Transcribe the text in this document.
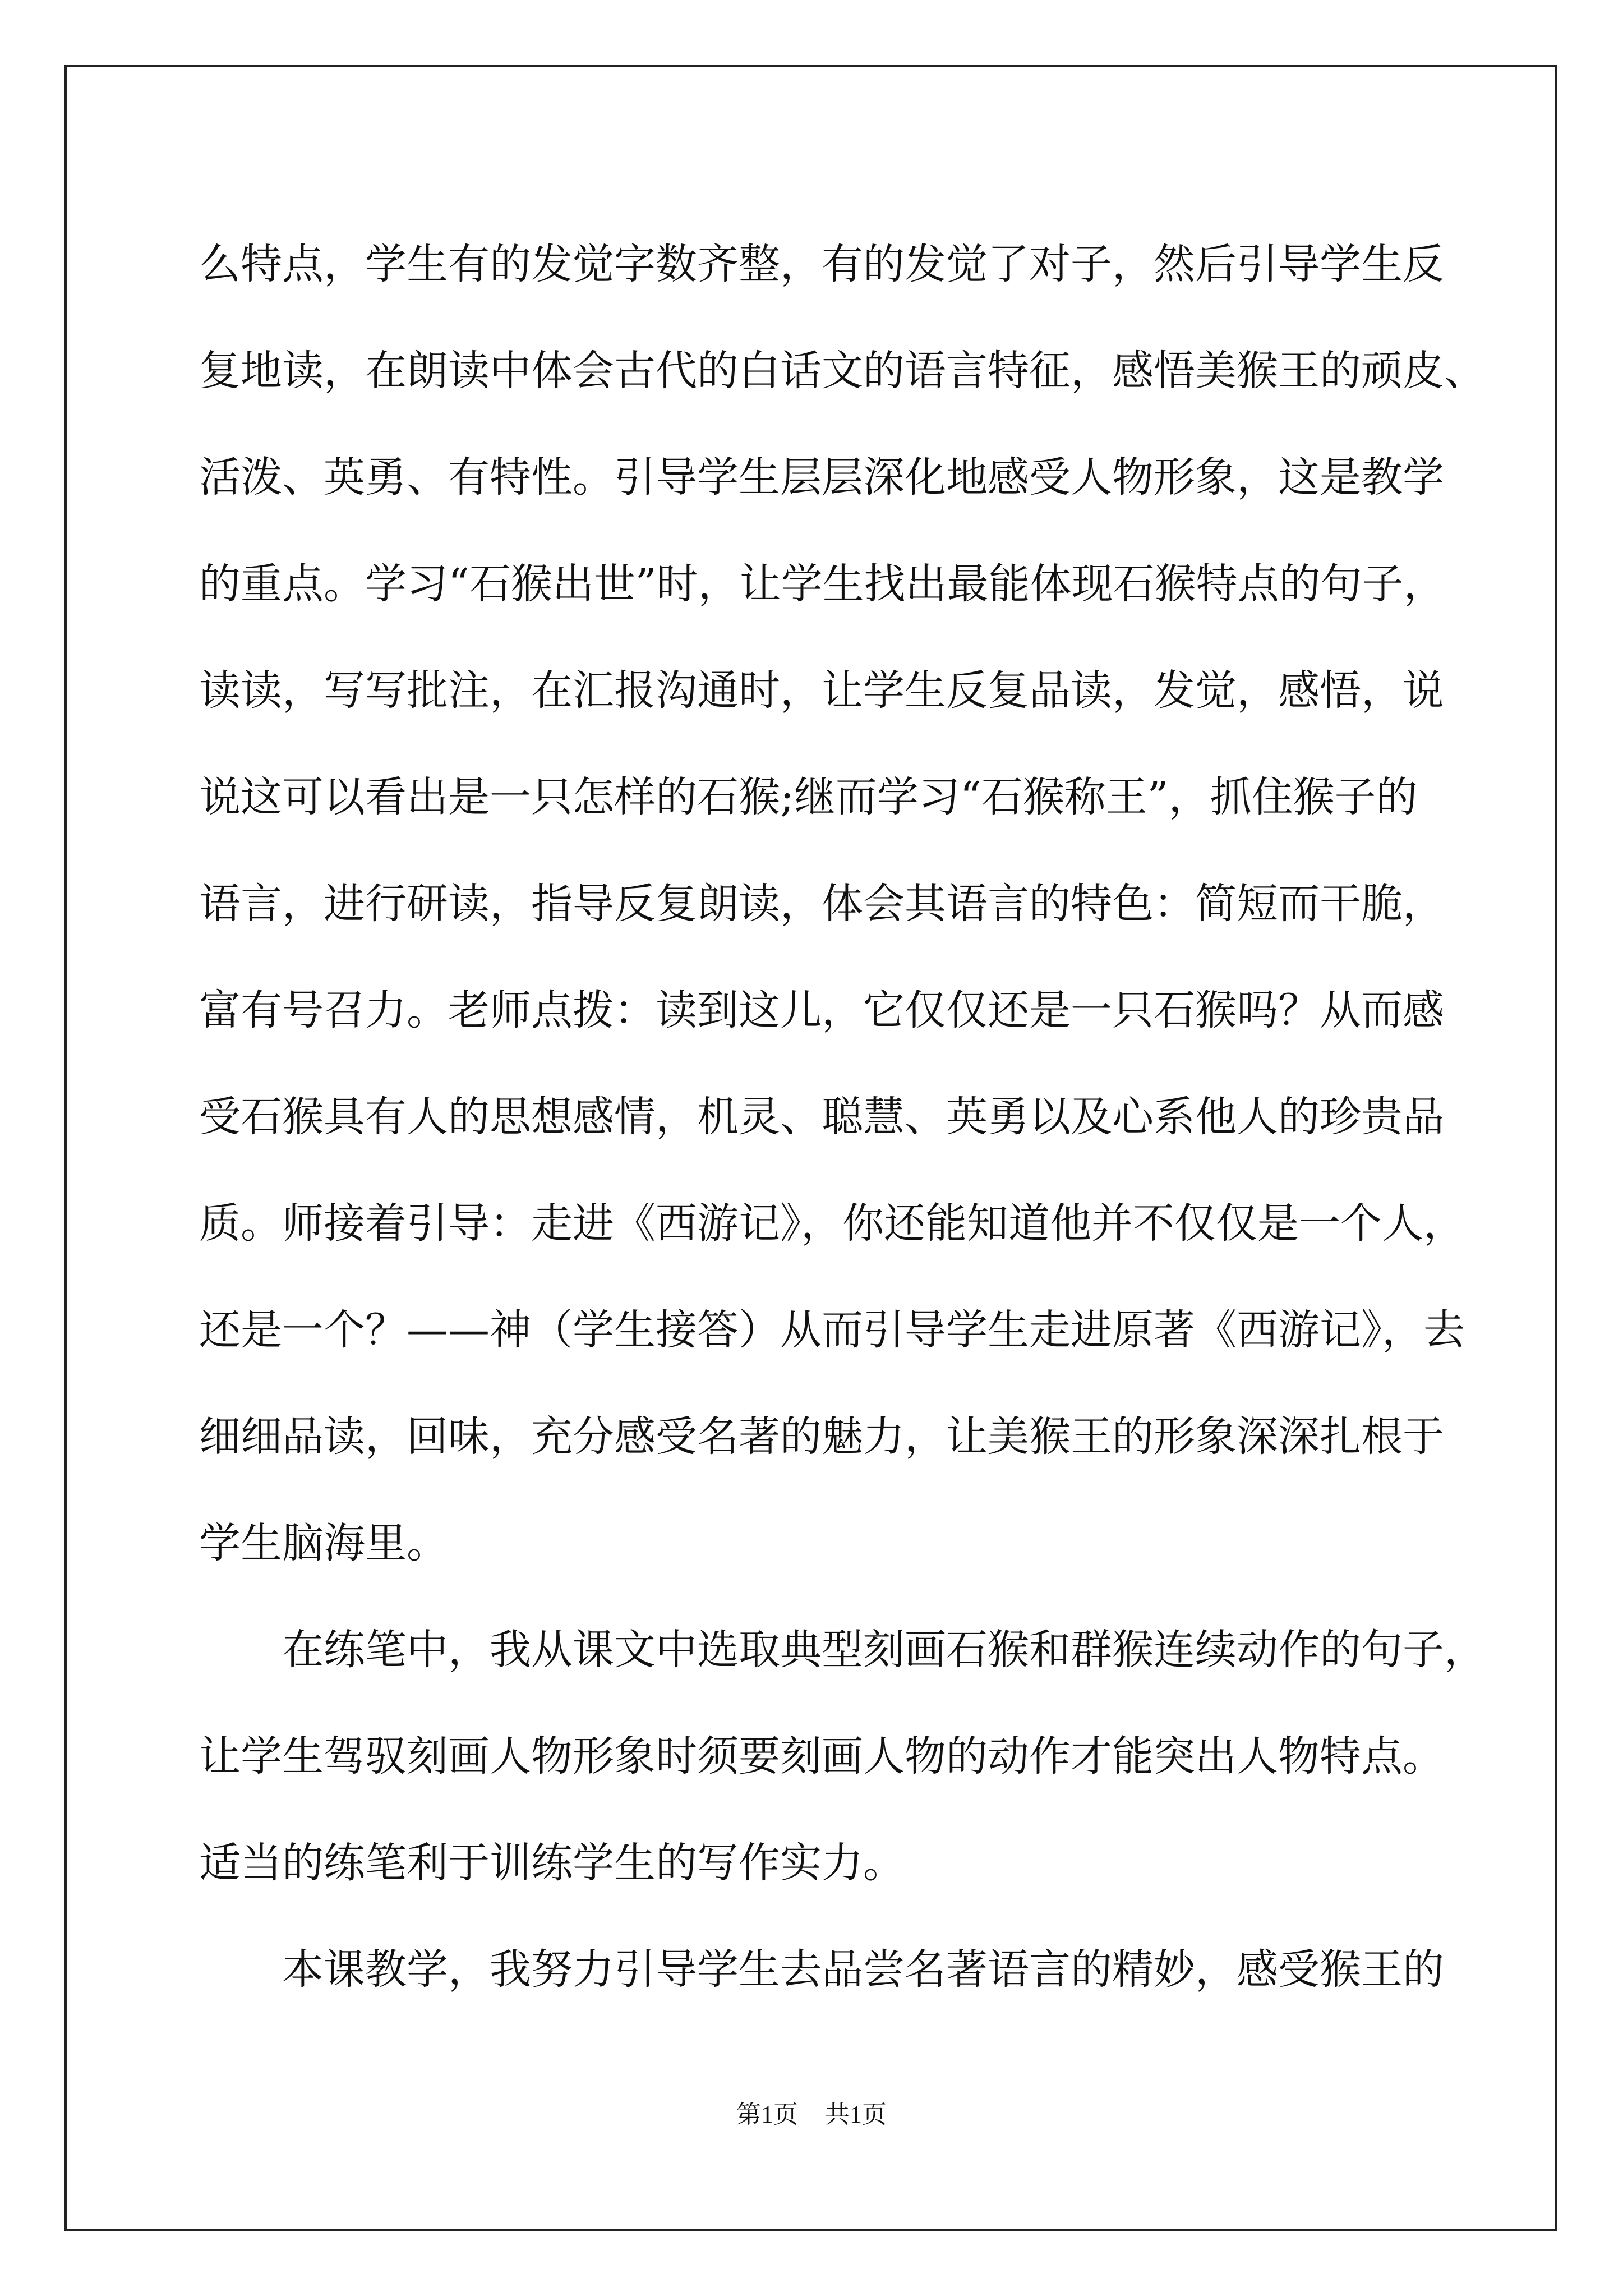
么特点，学生有的发觉字数齐整，有的发觉了对子，然后引导学生反
复地读，在朗读中体会古代的白话文的语言特征，感悟美猴王的顽皮、
活泼、英勇、有特性。引导学生层层深化地感受人物形象，这是教学
的重点。学习“石猴出世”时，让学生找出最能体现石猴特点的句子，
读读，写写批注，在汇报沟通时，让学生反复品读，发觉，感悟，说
说这可以看出是一只怎样的石猴;继而学习“石猴称王”，抓住猴子的
语言，进行研读，指导反复朗读，体会其语言的特色：简短而干脆，
富有号召力。老师点拨：读到这儿，它仅仅还是一只石猴吗？从而感
受石猴具有人的思想感情，机灵、聪慧、英勇以及心系他人的珍贵品
质。师接着引导：走进《西游记》，你还能知道他并不仅仅是一个人，
还是一个？——神（学生接答）从而引导学生走进原著《西游记》，去
细细品读，回味，充分感受名著的魅力，让美猴王的形象深深扎根于
学生脑海里。
在练笔中，我从课文中选取典型刻画石猴和群猴连续动作的句子，
让学生驾驭刻画人物形象时须要刻画人物的动作才能突出人物特点。
适当的练笔利于训练学生的写作实力。
本课教学，我努力引导学生去品尝名著语言的精妙，感受猴王的
第1页 共1页
